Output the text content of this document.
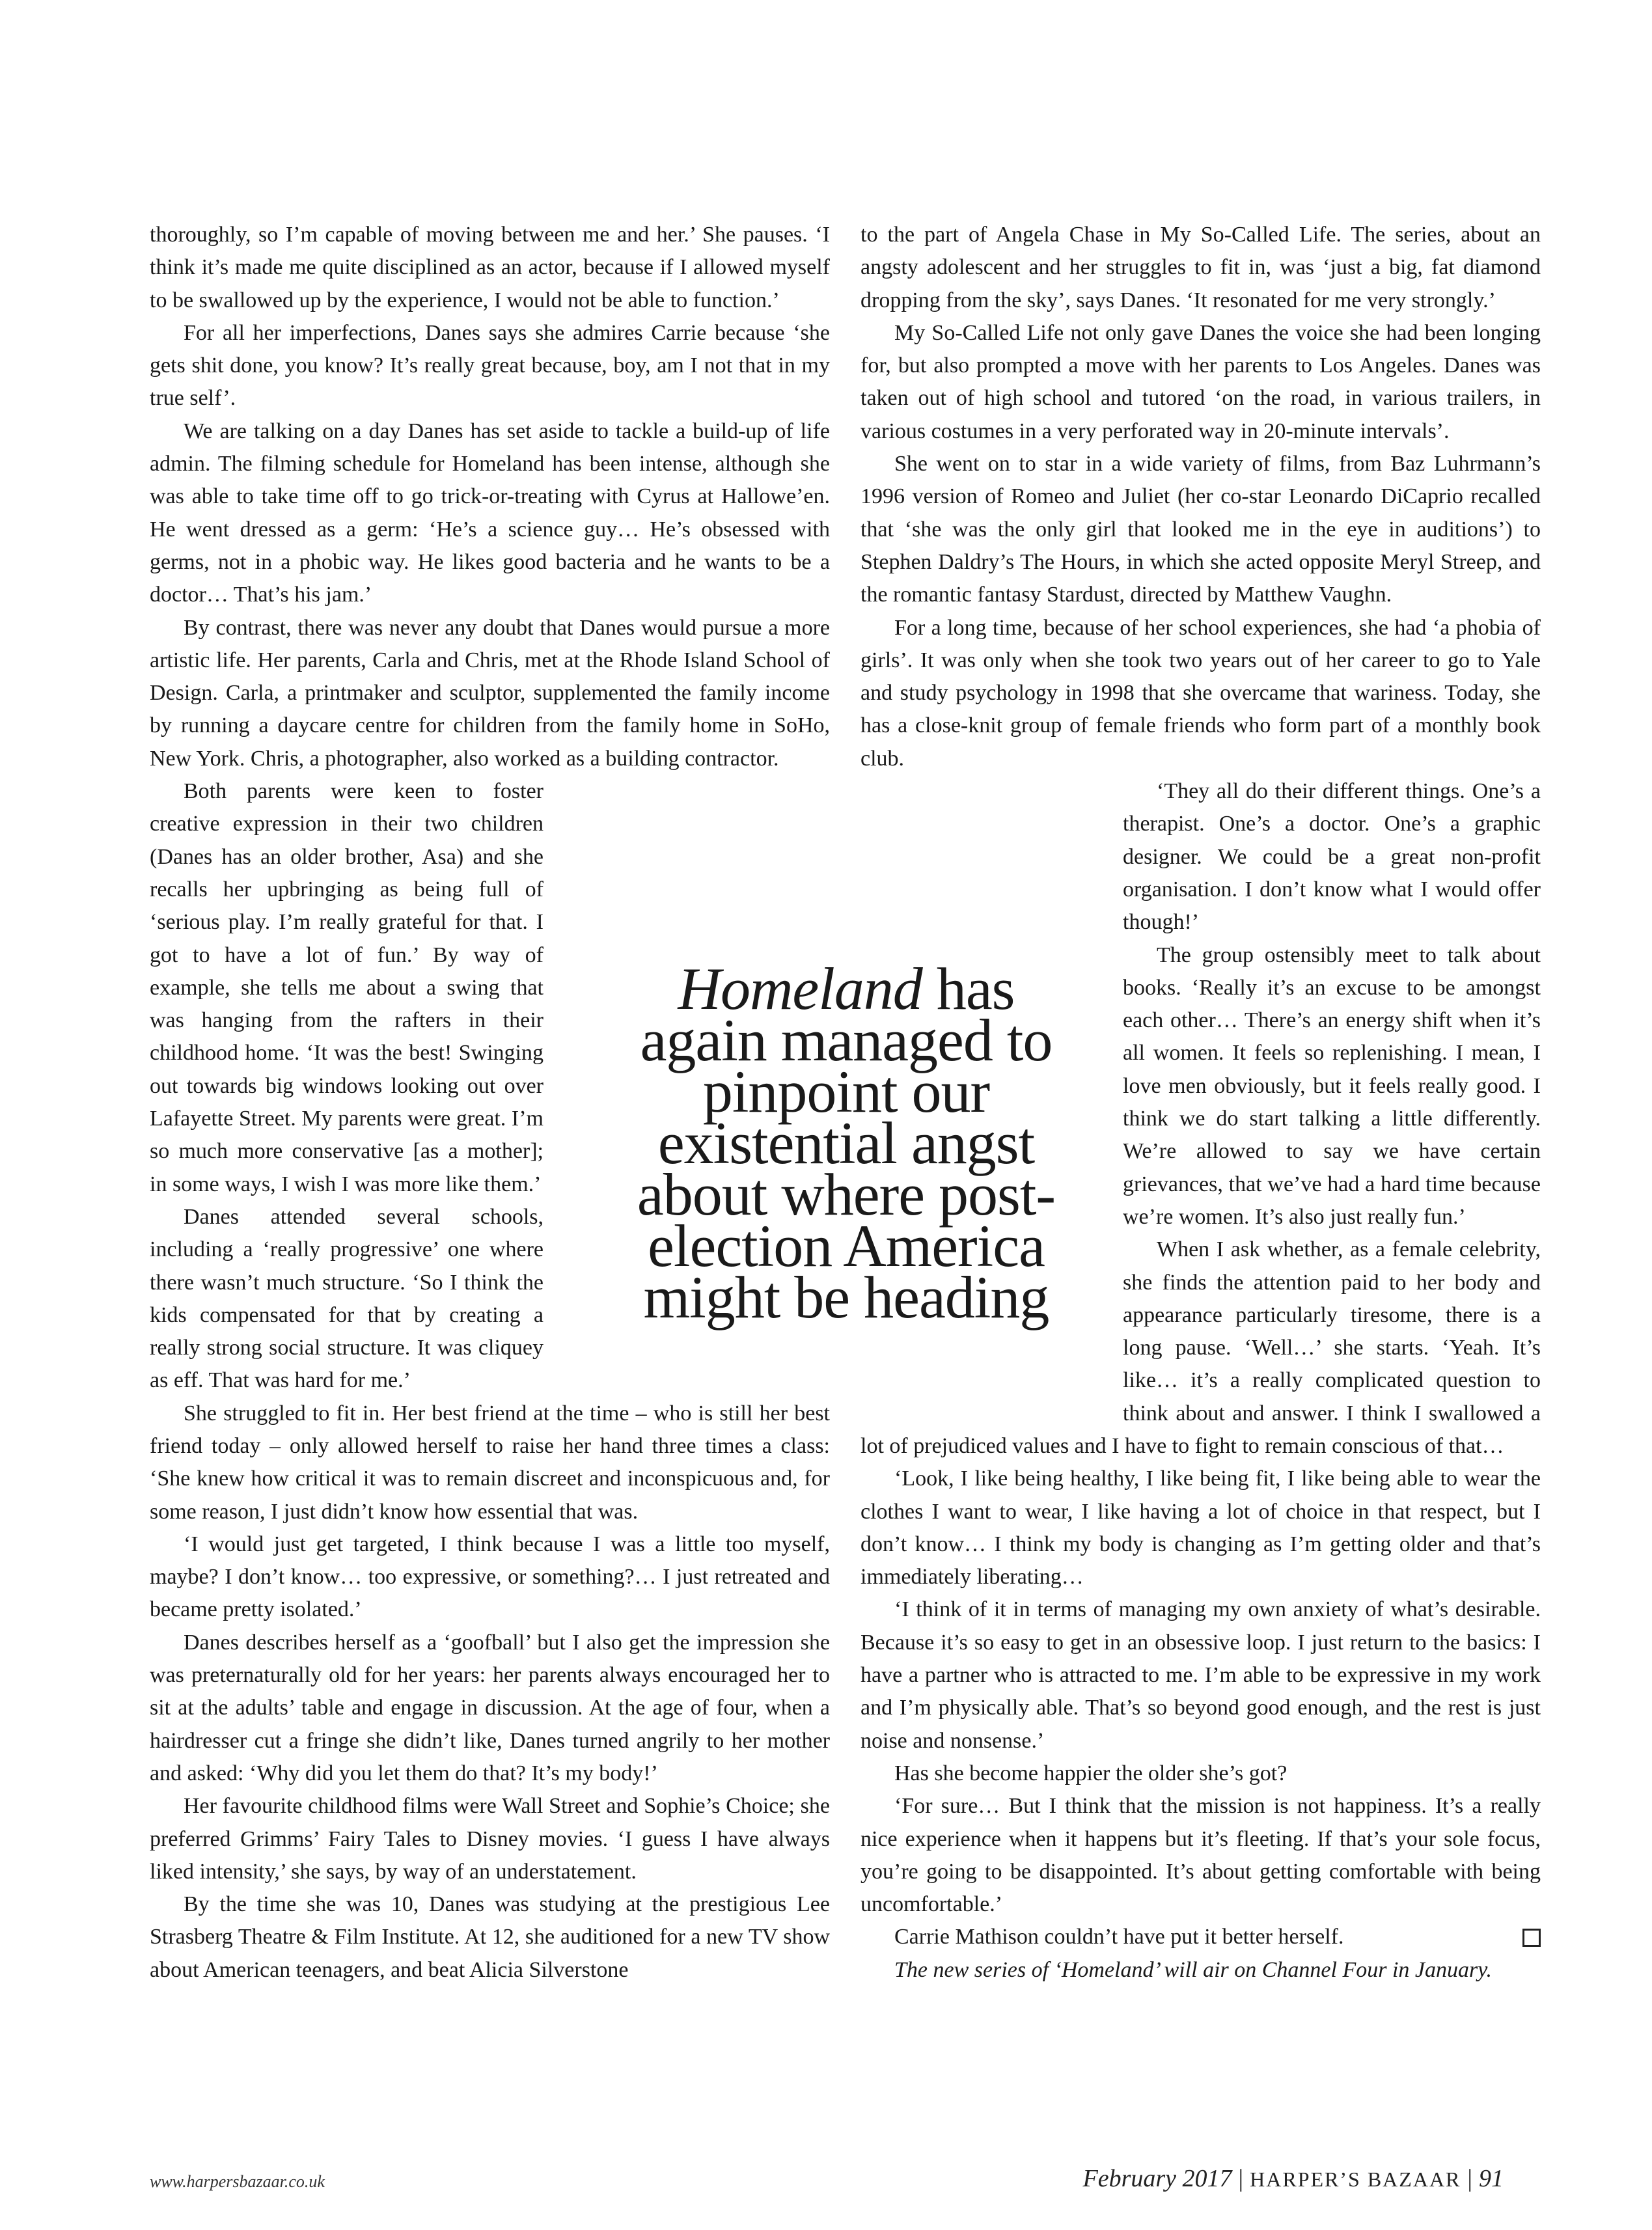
thoroughly, so I’m capable of moving between me and her.’ She pauses. ‘I think it’s made me quite disciplined as an actor, because if I allowed myself to be swallowed up by the experience, I would not be able to function.’

For all her imperfections, Danes says she admires Carrie because ‘she gets shit done, you know? It’s really great because, boy, am I not that in my true self’.

We are talking on a day Danes has set aside to tackle a build-up of life admin. The filming schedule for Homeland has been intense, although she was able to take time off to go trick-or-treating with Cyrus at Hallowe’en. He went dressed as a germ: ‘He’s a science guy… He’s obsessed with germs, not in a phobic way. He likes good bacteria and he wants to be a doctor… That’s his jam.’

By contrast, there was never any doubt that Danes would pursue a more artistic life. Her parents, Carla and Chris, met at the Rhode Island School of Design. Carla, a printmaker and sculptor, supplemented the family income by running a daycare centre for children from the family home in SoHo, New York. Chris, a photographer, also worked as a building contractor.

Both parents were keen to foster creative expression in their two children (Danes has an older brother, Asa) and she recalls her upbringing as being full of ‘serious play. I’m really grateful for that. I got to have a lot of fun.’ By way of example, she tells me about a swing that was hanging from the rafters in their childhood home. ‘It was the best! Swinging out towards big windows looking out over Lafayette Street. My parents were great. I’m so much more conservative [as a mother]; in some ways, I wish I was more like them.’

Danes attended several schools, including a ‘really progressive’ one where there wasn’t much structure. ‘So I think the kids compensated for that by creating a really strong social structure. It was cliquey as eff. That was hard for me.’

She struggled to fit in. Her best friend at the time – who is still her best friend today – only allowed herself to raise her hand three times a class: ‘She knew how critical it was to remain discreet and inconspicuous and, for some reason, I just didn’t know how essential that was.

‘I would just get targeted, I think because I was a little too myself, maybe? I don’t know… too expressive, or something?… I just retreated and became pretty isolated.’

Danes describes herself as a ‘goofball’ but I also get the impression she was preternaturally old for her years: her parents always encouraged her to sit at the adults’ table and engage in discussion. At the age of four, when a hairdresser cut a fringe she didn’t like, Danes turned angrily to her mother and asked: ‘Why did you let them do that? It’s my body!’

Her favourite childhood films were Wall Street and Sophie’s Choice; she preferred Grimms’ Fairy Tales to Disney movies. ‘I guess I have always liked intensity,’ she says, by way of an understatement.

By the time she was 10, Danes was studying at the prestigious Lee Strasberg Theatre & Film Institute. At 12, she auditioned for a new TV show about American teenagers, and beat Alicia Silverstone

to the part of Angela Chase in My So-Called Life. The series, about an angsty adolescent and her struggles to fit in, was ‘just a big, fat diamond dropping from the sky’, says Danes. ‘It resonated for me very strongly.’

My So-Called Life not only gave Danes the voice she had been longing for, but also prompted a move with her parents to Los Angeles. Danes was taken out of high school and tutored ‘on the road, in various trailers, in various costumes in a very perforated way in 20-minute intervals’.

She went on to star in a wide variety of films, from Baz Luhrmann’s 1996 version of Romeo and Juliet (her co-star Leonardo DiCaprio recalled that ‘she was the only girl that looked me in the eye in auditions’) to Stephen Daldry’s The Hours, in which she acted opposite Meryl Streep, and the romantic fantasy Stardust, directed by Matthew Vaughn.

For a long time, because of her school experiences, she had ‘a phobia of girls’. It was only when she took two years out of her career to go to Yale and study psychology in 1998 that she overcame that wariness. Today, she has a close-knit group of female friends who form part of a monthly book club.

‘They all do their different things. One’s a therapist. One’s a doctor. One’s a graphic designer. We could be a great non-profit organisation. I don’t know what I would offer though!’

The group ostensibly meet to talk about books. ‘Really it’s an excuse to be amongst each other… There’s an energy shift when it’s all women. It feels so replenishing. I mean, I love men obviously, but it feels really good. I think we do start talking a little differently. We’re allowed to say we have certain grievances, that we’ve had a hard time because we’re women. It’s also just really fun.’

When I ask whether, as a female celebrity, she finds the attention paid to her body and appearance particularly tiresome, there is a long pause. ‘Well…’ she starts. ‘Yeah. It’s like… it’s a really complicated question to think about and answer. I think I swallowed a lot of prejudiced values and I have to fight to remain conscious of that…

‘Look, I like being healthy, I like being fit, I like being able to wear the clothes I want to wear, I like having a lot of choice in that respect, but I don’t know… I think my body is changing as I’m getting older and that’s immediately liberating…

‘I think of it in terms of managing my own anxiety of what’s desirable. Because it’s so easy to get in an obsessive loop. I just return to the basics: I have a partner who is attracted to me. I’m able to be expressive in my work and I’m physically able. That’s so beyond good enough, and the rest is just noise and nonsense.’

Has she become happier the older she’s got?

‘For sure… But I think that the mission is not happiness. It’s a really nice experience when it happens but it’s fleeting. If that’s your sole focus, you’re going to be disappointed. It’s about getting comfortable with being uncomfortable.’

Carrie Mathison couldn’t have put it better herself.

The new series of ‘Homeland’ will air on Channel Four in January.

Homeland has again managed to pinpoint our existential angst about where post-election America might be heading
www.harpersbazaar.co.uk	February 2017 | HARPER’S BAZAAR | 91
